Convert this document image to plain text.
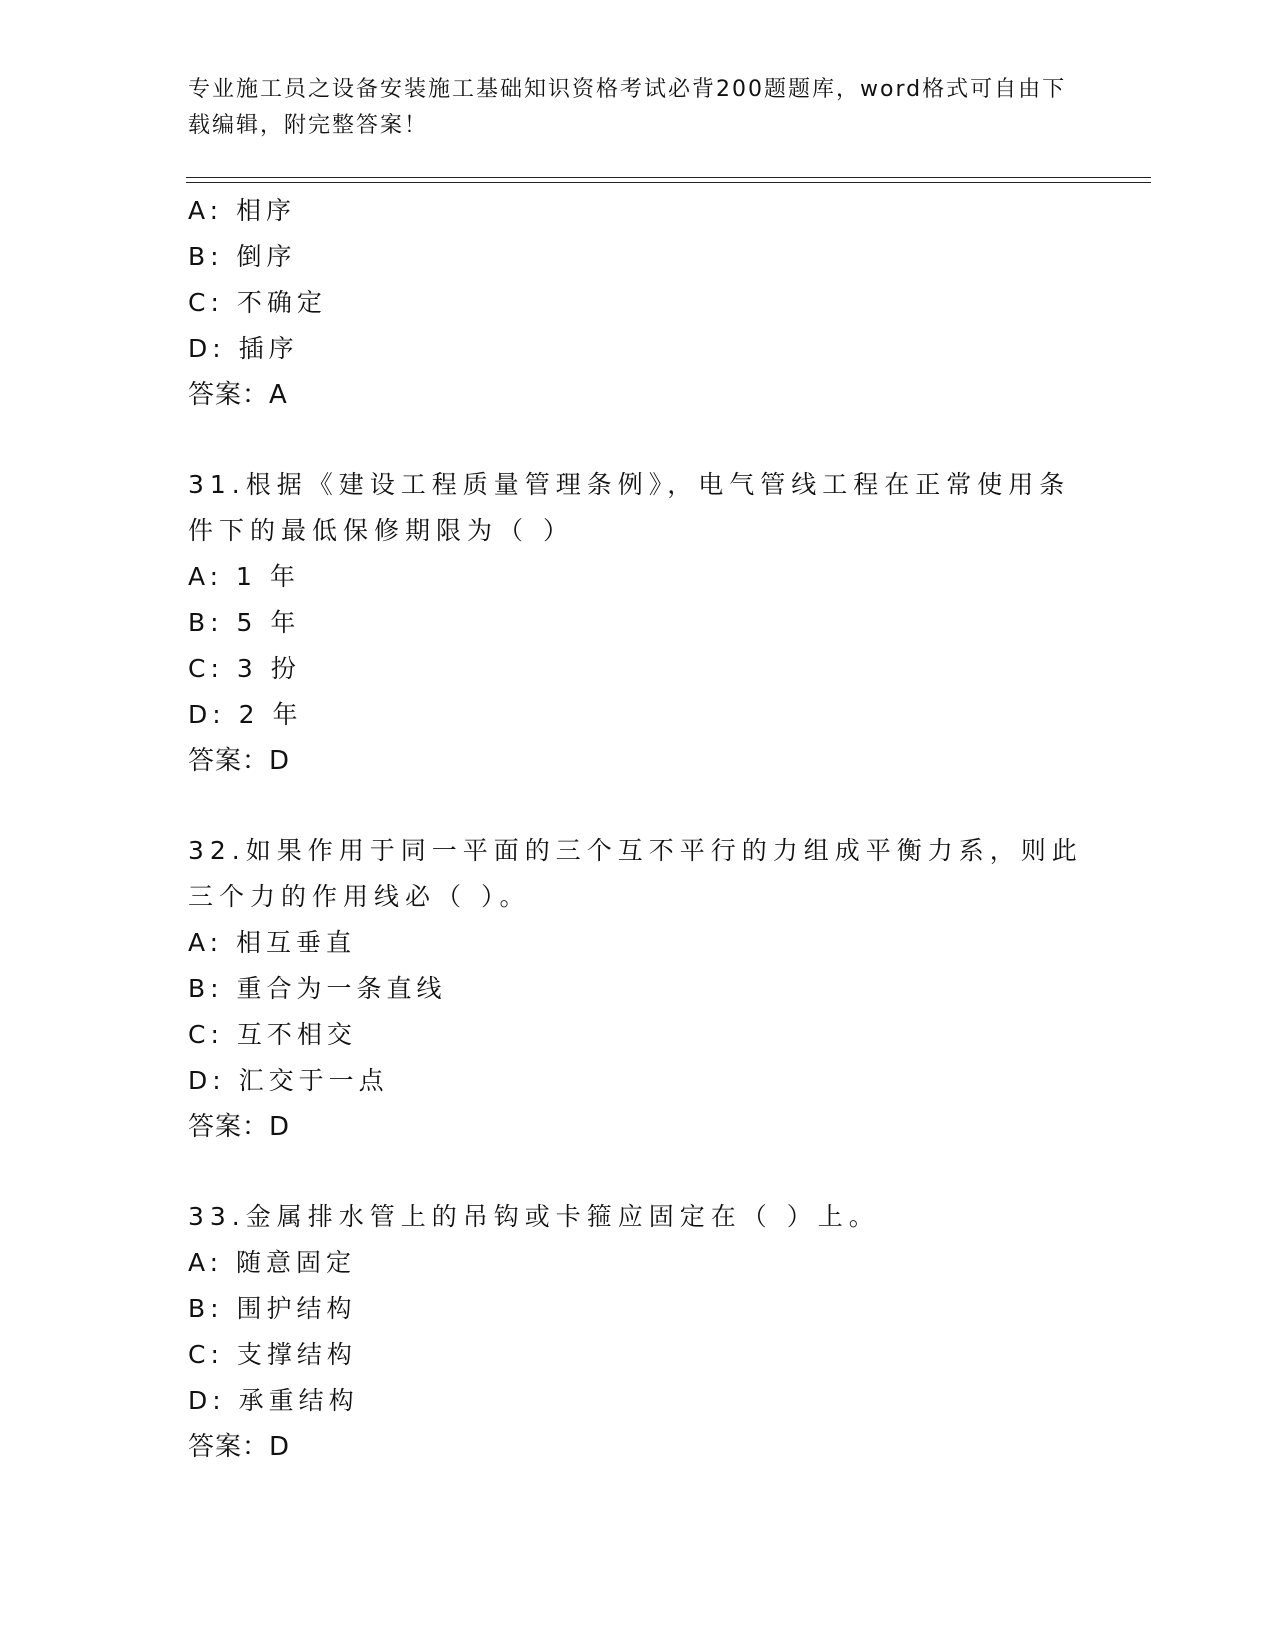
专业施工员之设备安装施工基础知识资格考试必背200题题库，word格式可自由下载编辑，附完整答案！
A: 相序
B: 倒序
C: 不确定
D: 插序
答案：A
31.根据《建设工程质量管理条例》，电气管线工程在正常使用条件下的最低保修期限为（ ）
A: 1 年
B: 5 年
C: 3 扮
D: 2 年
答案：D
32.如果作用于同一平面的三个互不平行的力组成平衡力系，则此三个力的作用线必（ ）。
A: 相互垂直
B: 重合为一条直线
C: 互不相交
D: 汇交于一点
答案：D
33.金属排水管上的吊钩或卡箍应固定在（ ）上。
A: 随意固定
B: 围护结构
C: 支撑结构
D: 承重结构
答案：D
